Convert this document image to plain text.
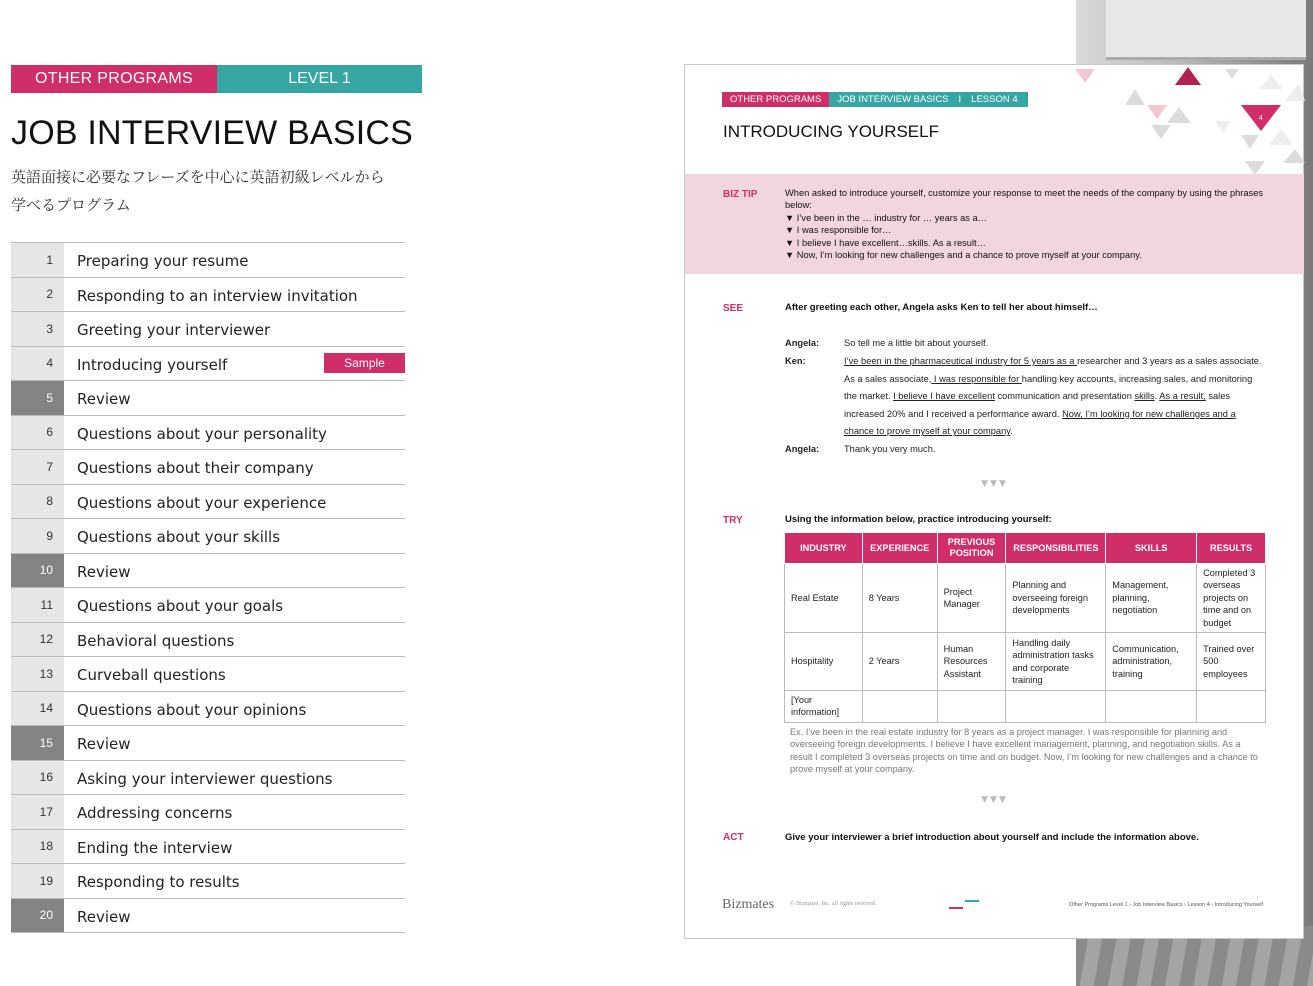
OTHER PROGRAMS	LEVEL 1
JOB INTERVIEW BASICS
英語面接に必要なフレーズを中心に英語初級レベルから
学べるプログラム
1	Preparing your resume
2	Responding to an interview invitation
3	Greeting your interviewer
4	Introducing yourself	Sample
5	Review
6	Questions about your personality
7	Questions about their company
8	Questions about your experience
9	Questions about your skills
10	Review
11	Questions about your goals
12	Behavioral questions
13	Curveball questions
14	Questions about your opinions
15	Review
16	Asking your interviewer questions
17	Addressing concerns
18	Ending the interview
19	Responding to results
20	Review
4
OTHER PROGRAMS	JOB INTERVIEW BASICS I LESSON 4
INTRODUCING YOURSELF
BIZ TIP	When asked to introduce yourself, customize your response to meet the needs of the company by using the phrases below:
▼ I’ve been in the … industry for … years as a…
▼ I was responsible for…
▼ I believe I have excellent…skills. As a result…
▼ Now, I’m looking for new challenges and a chance to prove myself at your company.
SEE	After greeting each other, Angela asks Ken to tell her about himself…
Angela:	So tell me a little bit about yourself.
Ken:	I’ve been in the pharmaceutical industry for 5 years as a researcher and 3 years as a sales associate. As a sales associate, I was responsible for handling key accounts, increasing sales, and monitoring the market. I believe I have excellent communication and presentation skills. As a result, sales increased 20% and I received a performance award. Now, I’m looking for new challenges and a chance to prove myself at your company.
Angela:	Thank you very much.
▼▼▼
TRY	Using the information below, practice introducing yourself:
INDUSTRY	EXPERIENCE	PREVIOUS POSITION	RESPONSIBILITIES	SKILLS	RESULTS
Real Estate	8 Years	Project Manager	Planning and overseeing foreign developments	Management, planning, negotiation	Completed 3 overseas projects on time and on budget
Hospitality	2 Years	Human Resources Assistant	Handling daily administration tasks and corporate training	Communication, administration, training	Trained over 500 employees
[Your information]					
Ex. I’ve been in the real estate industry for 8 years as a project manager. I was responsible for planning and overseeing foreign developments. I believe I have excellent management, planning, and negotiation skills. As a result I completed 3 overseas projects on time and on budget. Now, I’m looking for new challenges and a chance to prove myself at your company.
▼▼▼
ACT	Give your interviewer a brief introduction about yourself and include the information above.
Bizmates	© Bizmates, Inc. all rights reserved.	Other Programs Level 1 › Job Interview Basics › Lesson 4 › Introducing Yourself
